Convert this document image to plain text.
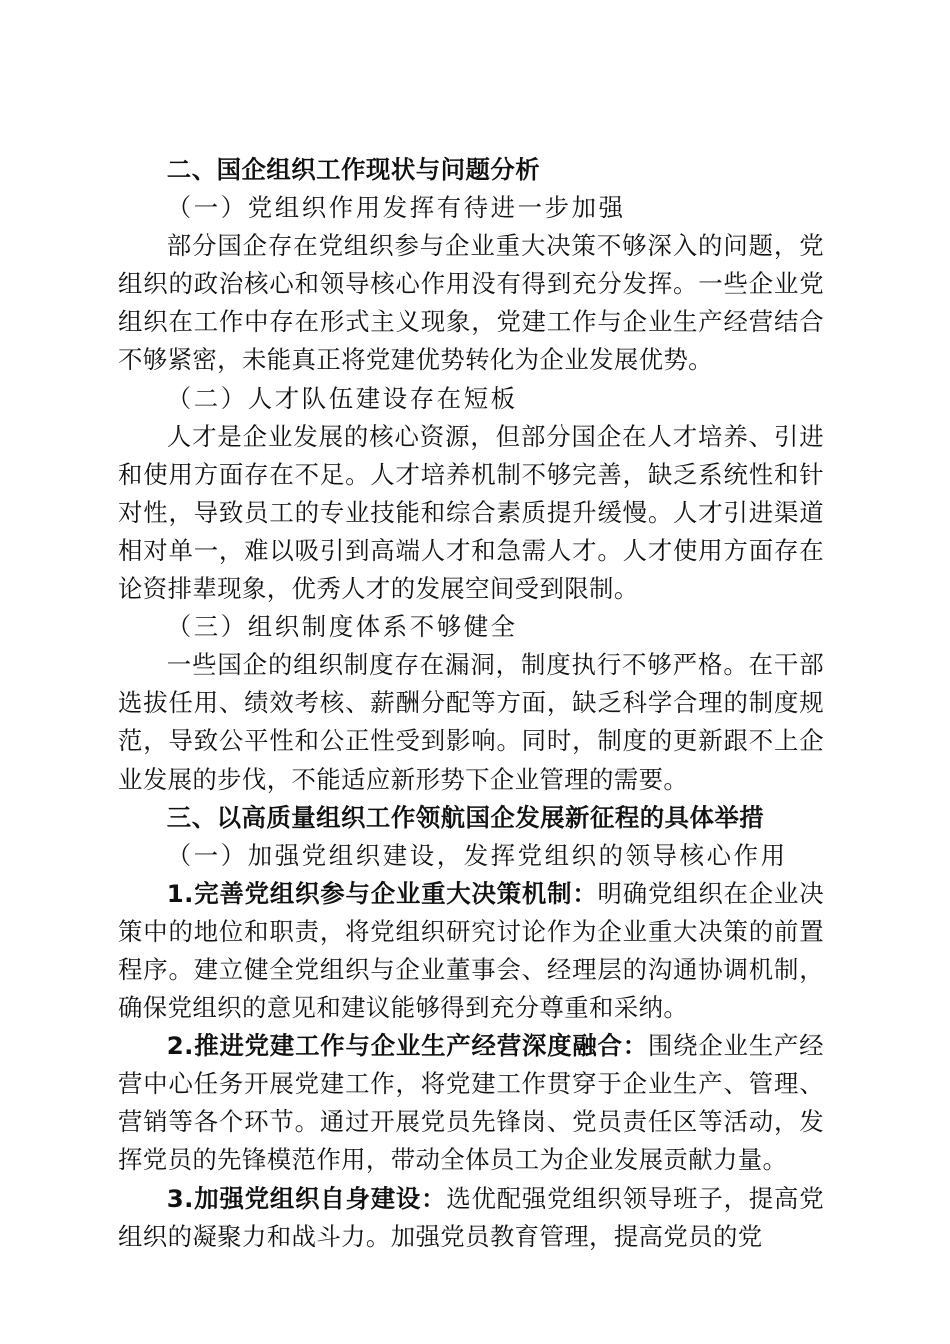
二、国企组织工作现状与问题分析

（一）党组织作用发挥有待进一步加强

部分国企存在党组织参与企业重大决策不够深入的问题，党组织的政治核心和领导核心作用没有得到充分发挥。一些企业党组织在工作中存在形式主义现象，党建工作与企业生产经营结合不够紧密，未能真正将党建优势转化为企业发展优势。

（二）人才队伍建设存在短板

人才是企业发展的核心资源，但部分国企在人才培养、引进和使用方面存在不足。人才培养机制不够完善，缺乏系统性和针对性，导致员工的专业技能和综合素质提升缓慢。人才引进渠道相对单一，难以吸引到高端人才和急需人才。人才使用方面存在论资排辈现象，优秀人才的发展空间受到限制。

（三）组织制度体系不够健全

一些国企的组织制度存在漏洞，制度执行不够严格。在干部选拔任用、绩效考核、薪酬分配等方面，缺乏科学合理的制度规范，导致公平性和公正性受到影响。同时，制度的更新跟不上企业发展的步伐，不能适应新形势下企业管理的需要。

三、以高质量组织工作领航国企发展新征程的具体举措

（一）加强党组织建设，发挥党组织的领导核心作用

1.完善党组织参与企业重大决策机制：明确党组织在企业决策中的地位和职责，将党组织研究讨论作为企业重大决策的前置程序。建立健全党组织与企业董事会、经理层的沟通协调机制，确保党组织的意见和建议能够得到充分尊重和采纳。

2.推进党建工作与企业生产经营深度融合：围绕企业生产经营中心任务开展党建工作，将党建工作贯穿于企业生产、管理、营销等各个环节。通过开展党员先锋岗、党员责任区等活动，发挥党员的先锋模范作用，带动全体员工为企业发展贡献力量。

3.加强党组织自身建设：选优配强党组织领导班子，提高党组织的凝聚力和战斗力。加强党员教育管理，提高党员的党
